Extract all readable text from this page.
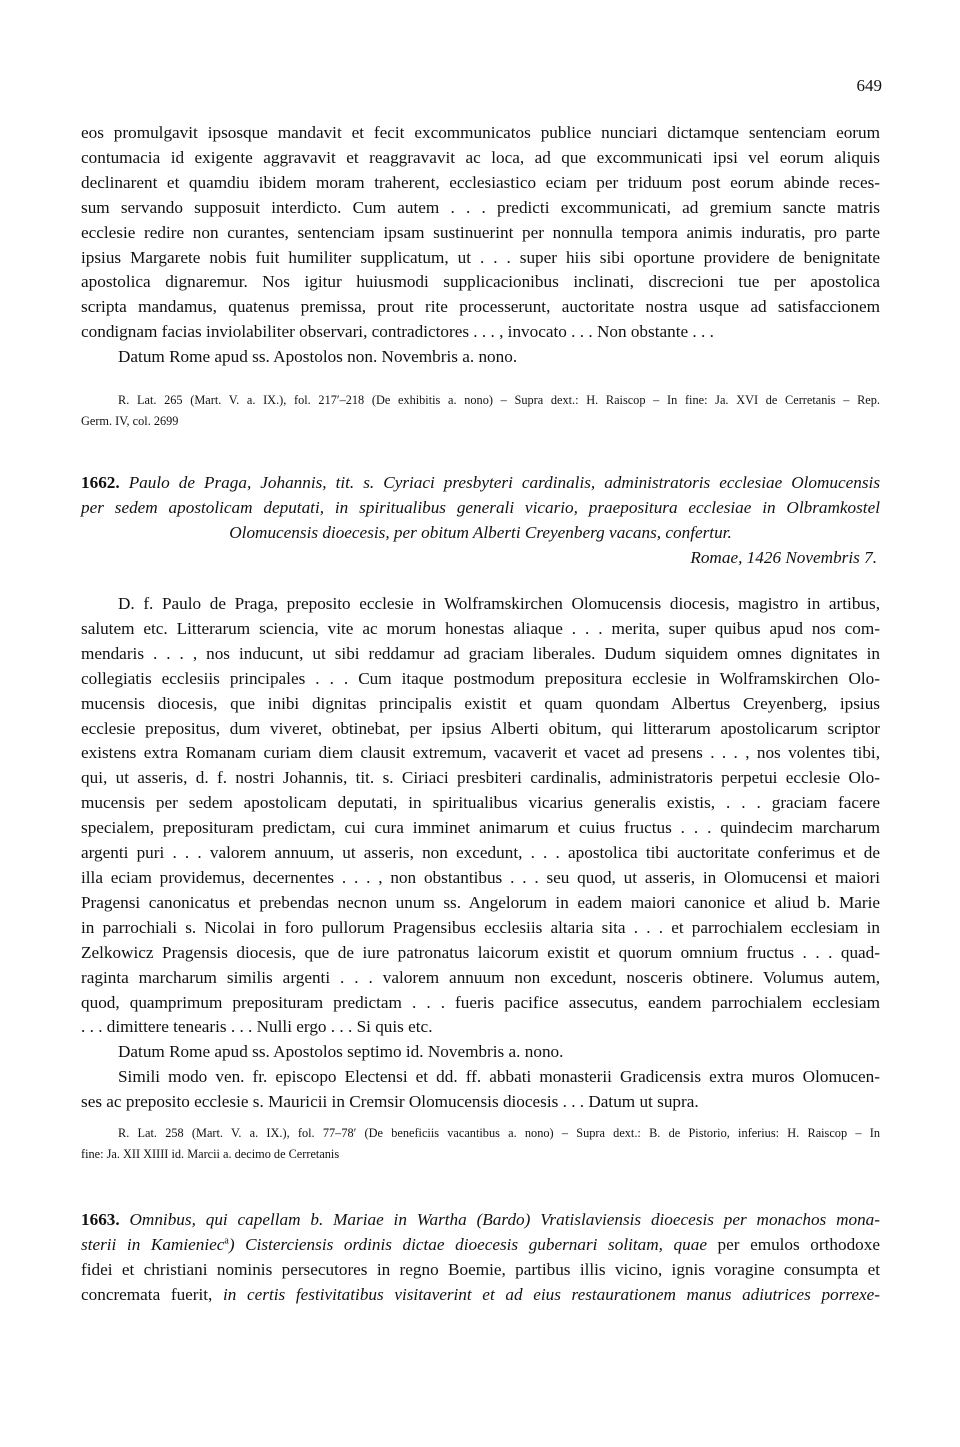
649

eos promulgavit ipsosque mandavit et fecit excommunicatos publice nunciari dictamque sentenciam eorum

contumacia id exigente aggravavit et reaggravavit ac loca, ad que excommunicati ipsi vel eorum aliquis

declinarent et quamdiu ibidem moram traherent, ecclesiastico eciam per triduum post eorum abinde reces-

sum servando supposuit interdicto. Cum autem . . . predicti excommunicati, ad gremium sancte matris

ecclesie redire non curantes, sentenciam ipsam sustinuerint per nonnulla tempora animis induratis, pro parte

ipsius Margarete nobis fuit humiliter supplicatum, ut . . . super hiis sibi oportune providere de benignitate

apostolica dignaremur. Nos igitur huiusmodi supplicacionibus inclinati, discrecioni tue per apostolica

scripta mandamus, quatenus premissa, prout rite processerunt, auctoritate nostra usque ad satisfaccionem

condignam facias inviolabiliter observari, contradictores . . . , invocato . . . Non obstante . . .

Datum Rome apud ss. Apostolos non. Novembris a. nono.

R. Lat. 265 (Mart. V. a. IX.), fol. 217′–218 (De exhibitis a. nono) – Supra dext.: H. Raiscop – In fine: Ja. XVI de Cerretanis – Rep.

Germ. IV, col. 2699

1662. Paulo de Praga, Johannis, tit. s. Cyriaci presbyteri cardinalis, administratoris ecclesiae Olomucensis

per sedem apostolicam deputati, in spiritualibus generali vicario, praepositura ecclesiae in Olbramkostel

Olomucensis dioecesis, per obitum Alberti Creyenberg vacans, confertur.

Romae, 1426 Novembris 7.

D. f. Paulo de Praga, preposito ecclesie in Wolframskirchen Olomucensis diocesis, magistro in artibus,

salutem etc. Litterarum sciencia, vite ac morum honestas aliaque . . . merita, super quibus apud nos com-

mendaris . . . , nos inducunt, ut sibi reddamur ad graciam liberales. Dudum siquidem omnes dignitates in

collegiatis ecclesiis principales . . . Cum itaque postmodum prepositura ecclesie in Wolframskirchen Olo-

mucensis diocesis, que inibi dignitas principalis existit et quam quondam Albertus Creyenberg, ipsius

ecclesie prepositus, dum viveret, obtinebat, per ipsius Alberti obitum, qui litterarum apostolicarum scriptor

existens extra Romanam curiam diem clausit extremum, vacaverit et vacet ad presens . . . , nos volentes tibi,

qui, ut asseris, d. f. nostri Johannis, tit. s. Ciriaci presbiteri cardinalis, administratoris perpetui ecclesie Olo-

mucensis per sedem apostolicam deputati, in spiritualibus vicarius generalis existis, . . . graciam facere

specialem, preposituram predictam, cui cura imminet animarum et cuius fructus . . . quindecim marcharum

argenti puri . . . valorem annuum, ut asseris, non excedunt, . . . apostolica tibi auctoritate conferimus et de

illa eciam providemus, decernentes . . . , non obstantibus . . . seu quod, ut asseris, in Olomucensi et maiori

Pragensi canonicatus et prebendas necnon unum ss. Angelorum in eadem maiori canonice et aliud b. Marie

in parrochiali s. Nicolai in foro pullorum Pragensibus ecclesiis altaria sita . . . et parrochialem ecclesiam in

Zelkowicz Pragensis diocesis, que de iure patronatus laicorum existit et quorum omnium fructus . . . quad-

raginta marcharum similis argenti . . . valorem annuum non excedunt, nosceris obtinere. Volumus autem,

quod, quamprimum preposituram predictam . . . fueris pacifice assecutus, eandem parrochialem ecclesiam

. . . dimittere tenearis . . . Nulli ergo . . . Si quis etc.

Datum Rome apud ss. Apostolos septimo id. Novembris a. nono.

Simili modo ven. fr. episcopo Electensi et dd. ff. abbati monasterii Gradicensis extra muros Olomucen-

ses ac preposito ecclesie s. Mauricii in Cremsir Olomucensis diocesis . . . Datum ut supra.

R. Lat. 258 (Mart. V. a. IX.), fol. 77–78′ (De beneficiis vacantibus a. nono) – Supra dext.: B. de Pistorio, inferius: H. Raiscop – In

fine: Ja. XII XIIII id. Marcii a. decimo de Cerretanis

1663. Omnibus, qui capellam b. Mariae in Wartha (Bardo) Vratislaviensis dioecesis per monachos mona-

sterii in Kamieniec$^a$) Cisterciensis ordinis dictae dioecesis gubernari solitam, quae per emulos orthodoxe

fidei et christiani nominis persecutores in regno Boemie, partibus illis vicino, ignis voragine consumpta et

concremata fuerit, in certis festivitatibus visitaverint et ad eius restaurationem manus adiutrices porrexe-
